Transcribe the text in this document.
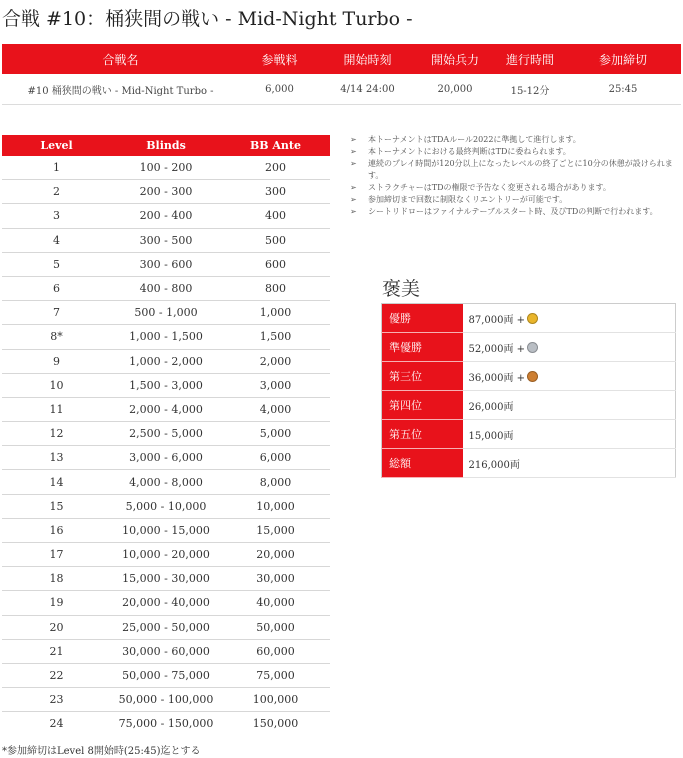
合戦 #10：桶狭間の戦い - Mid-Night Turbo -
合戦名	参戦料	開始時刻	開始兵力	進行時間	参加締切
#10 桶狭間の戦い - Mid-Night Turbo -	6,000	4/14 24:00	20,000	15-12分	25:45
Level	Blinds	BB Ante
1	100 - 200	200
2	200 - 300	300
3	200 - 400	400
4	300 - 500	500
5	300 - 600	600
6	400 - 800	800
7	500 - 1,000	1,000
8*	1,000 - 1,500	1,500
9	1,000 - 2,000	2,000
10	1,500 - 3,000	3,000
11	2,000 - 4,000	4,000
12	2,500 - 5,000	5,000
13	3,000 - 6,000	6,000
14	4,000 - 8,000	8,000
15	5,000 - 10,000	10,000
16	10,000 - 15,000	15,000
17	10,000 - 20,000	20,000
18	15,000 - 30,000	30,000
19	20,000 - 40,000	40,000
20	25,000 - 50,000	50,000
21	30,000 - 60,000	60,000
22	50,000 - 75,000	75,000
23	50,000 - 100,000	100,000
24	75,000 - 150,000	150,000
*参加締切はLevel 8開始時(25:45)迄とする
➢ 本トーナメントはTDAルール2022に準拠して進行します。
➢ 本トーナメントにおける最終判断はTDに委ねられます。
➢ 連続のプレイ時間が120分以上になったレベルの終了ごとに10分の休憩が設けられます。
➢ ストラクチャーはTDの権限で予告なく変更される場合があります。
➢ 参加締切まで回数に制限なくリエントリーが可能です。
➢ シートリドローはファイナルテーブルスタート時、及びTDの判断で行われます。
褒美
優勝	87,000両 +
準優勝	52,000両 +
第三位	36,000両 +
第四位	26,000両
第五位	15,000両
総額	216,000両
